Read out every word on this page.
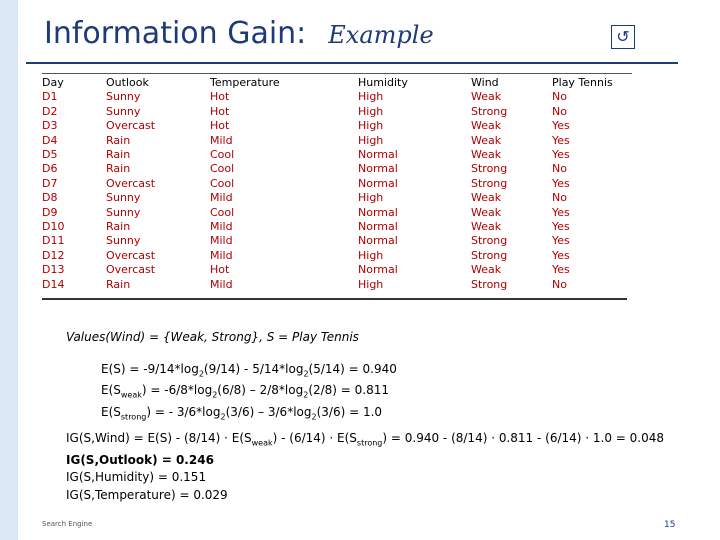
Information Gain: Example	↺
Day	Outlook	Temperature	Humidity	Wind	Play Tennis
D1	Sunny	Hot	High	Weak	No
D2	Sunny	Hot	High	Strong	No
D3	Overcast	Hot	High	Weak	Yes
D4	Rain	Mild	High	Weak	Yes
D5	Rain	Cool	Normal	Weak	Yes
D6	Rain	Cool	Normal	Strong	No
D7	Overcast	Cool	Normal	Strong	Yes
D8	Sunny	Mild	High	Weak	No
D9	Sunny	Cool	Normal	Weak	Yes
D10	Rain	Mild	Normal	Weak	Yes
D11	Sunny	Mild	Normal	Strong	Yes
D12	Overcast	Mild	High	Strong	Yes
D13	Overcast	Hot	Normal	Weak	Yes
D14	Rain	Mild	High	Strong	No
Values(Wind) = {Weak, Strong}, S = Play Tennis
$E(S) = -9/14*\log_2(9/14) - 5/14*\log_2(5/14) = 0.940$
$E(S_{weak}) = -6/8*\log_2(6/8) - 2/8*\log_2(2/8) = 0.811$
$E(S_{strong})$ = - $3/6*\log_2(3/6) - 3/6*\log_2(3/6) = 1.0$
IG(S,Wind) = $E(S) - (8/14) \cdot E(S_{weak}) - (6/14) \cdot E(S_{strong}) = 0.940 - (8/14) \cdot 0.811 - (6/14) \cdot 1.0 = 0.048$
IG(S,Outlook) = 0.246
IG(S,Humidity) = 0.151
IG(S,Temperature) = 0.029
Search Engine	15
